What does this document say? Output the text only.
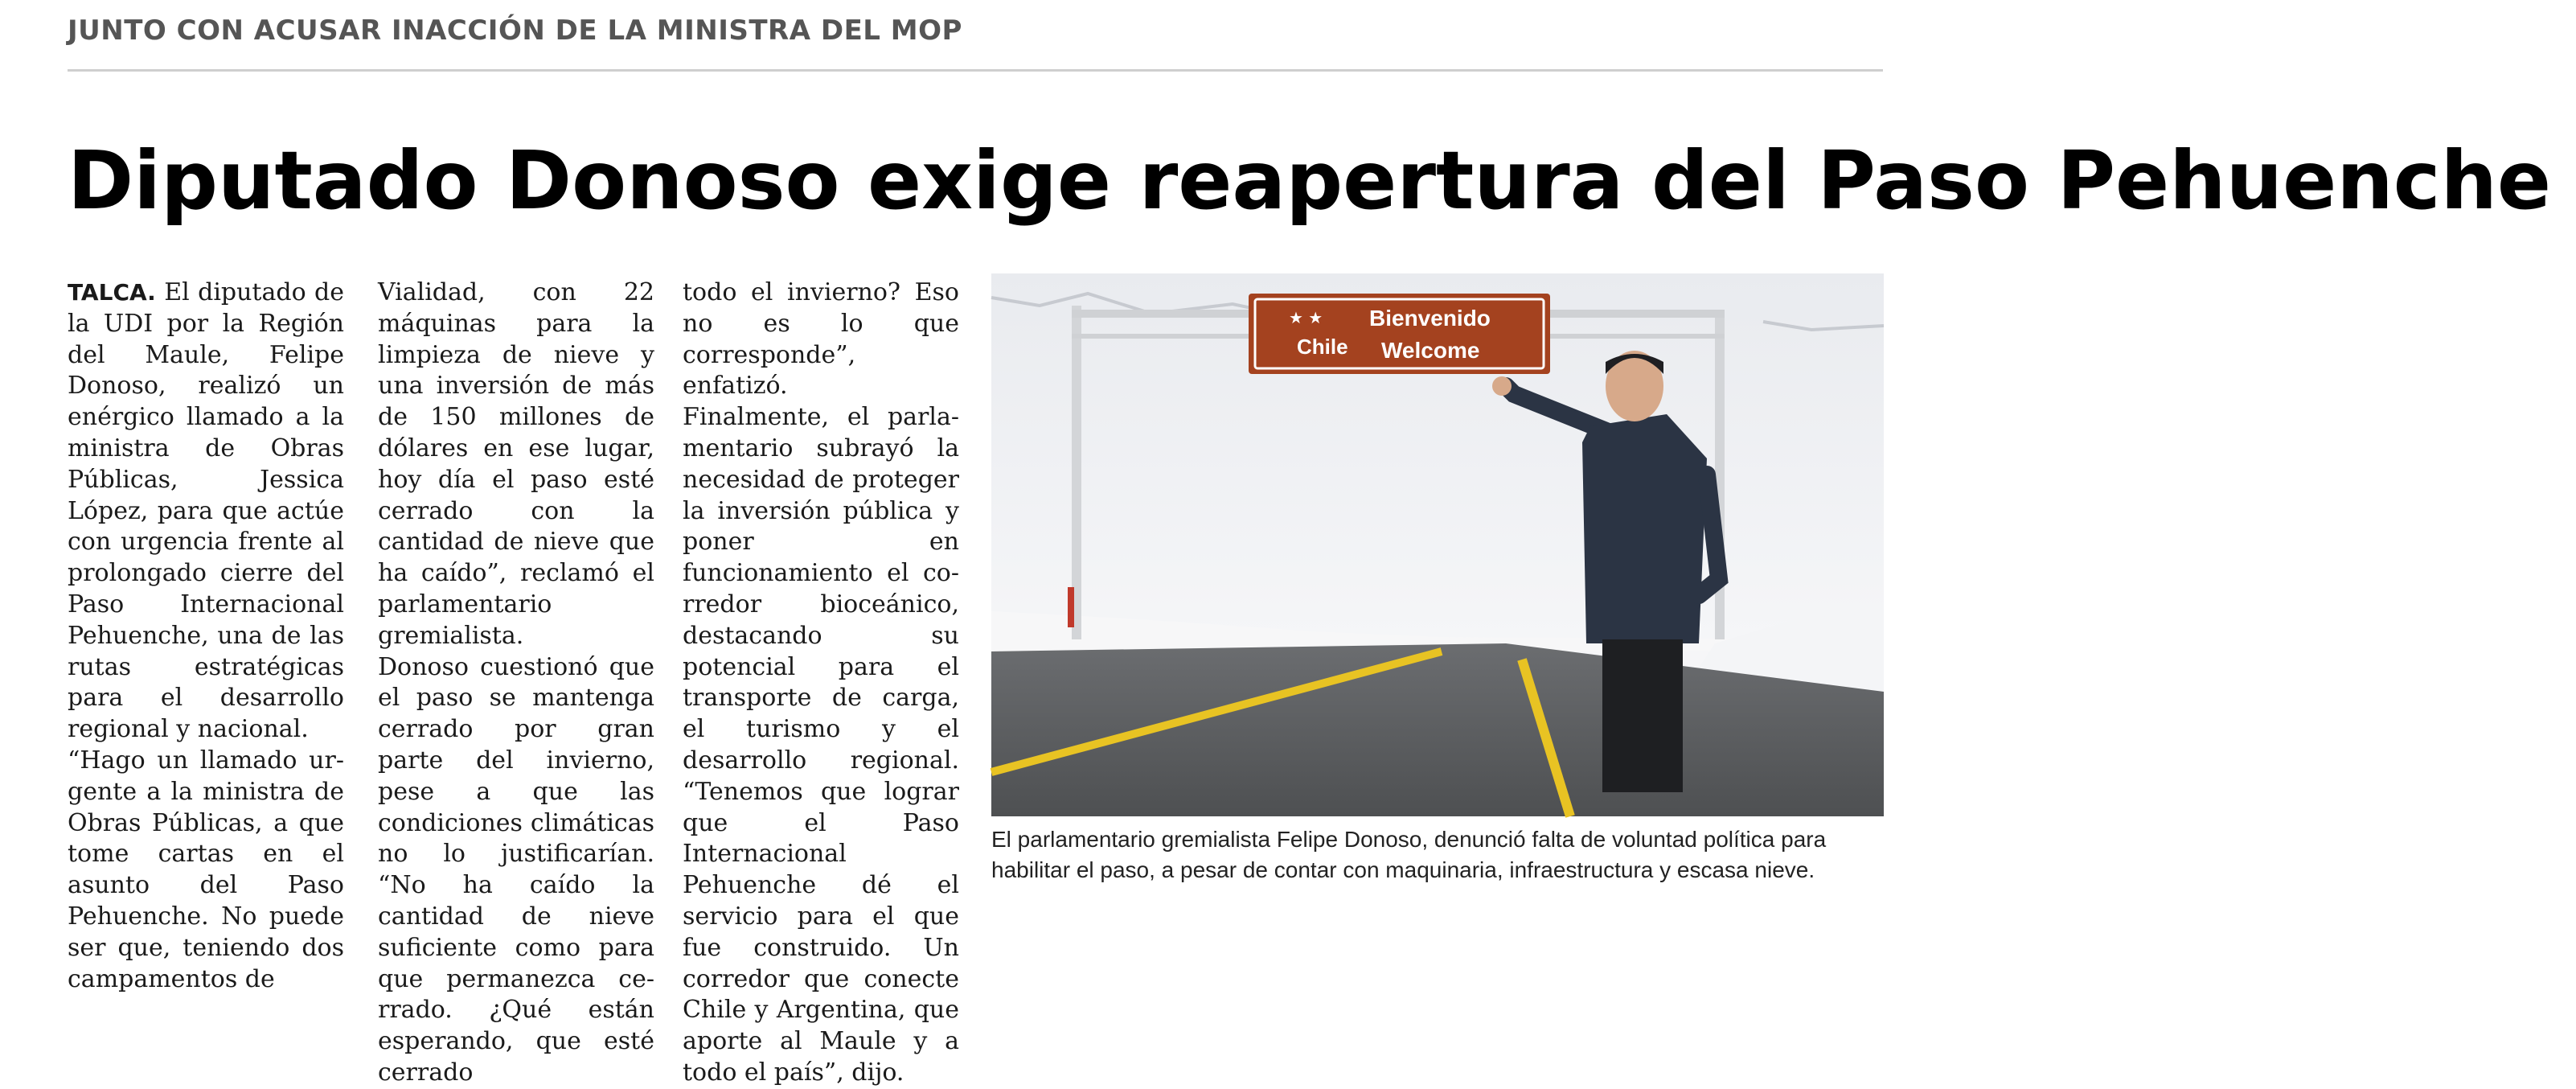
JUNTO CON ACUSAR INACCIÓN DE LA MINISTRA DEL MOP
Diputado Donoso exige reapertura del Paso Pehuenche

TALCA. El diputado de la UDI por la Región del Maule, Felipe Donoso, realizó un enérgico llamado a la ministra de Obras Públicas, Jessica López, para que actúe con urgencia frente al prolongado cierre del Paso Internacional Pehuenche, una de las rutas estratégicas para el desarrollo regional y nacional.

“Hago un llamado urgente a la ministra de Obras Públicas, a que tome cartas en el asunto del Paso Pehuenche. No puede ser que, teniendo dos campamentos de

Vialidad, con 22 máquinas para la limpieza de nieve y una inversión de más de 150 millones de dólares en ese lugar, hoy día el paso esté cerrado con la cantidad de nieve que ha caído”, reclamó el parlamentario gremialista.

Donoso cuestionó que el paso se mantenga cerrado por gran parte del invierno, pese a que las condiciones climáticas no lo justificarían. “No ha caído la cantidad de nieve suficiente como para que permanezca cerrado. ¿Qué están esperando, que esté cerrado

todo el invierno? Eso no es lo que corresponde”, enfatizó.

Finalmente, el parlamentario subrayó la necesidad de proteger la inversión pública y poner en funcionamiento el corredor bioceánico, destacando su potencial para el transporte de carga, el turismo y el desarrollo regional. “Tenemos que lograr que el Paso Internacional Pehuenche dé el servicio para el que fue construido. Un corredor que conecte Chile y Argentina, que aporte al Maule y a todo el país”, dijo.

Chile
★ ★ Bienvenido
Welcome
El parlamentario gremialista Felipe Donoso, denunció falta de voluntad política para habilitar el paso, a pesar de contar con maquinaria, infraestructura y escasa nieve.
